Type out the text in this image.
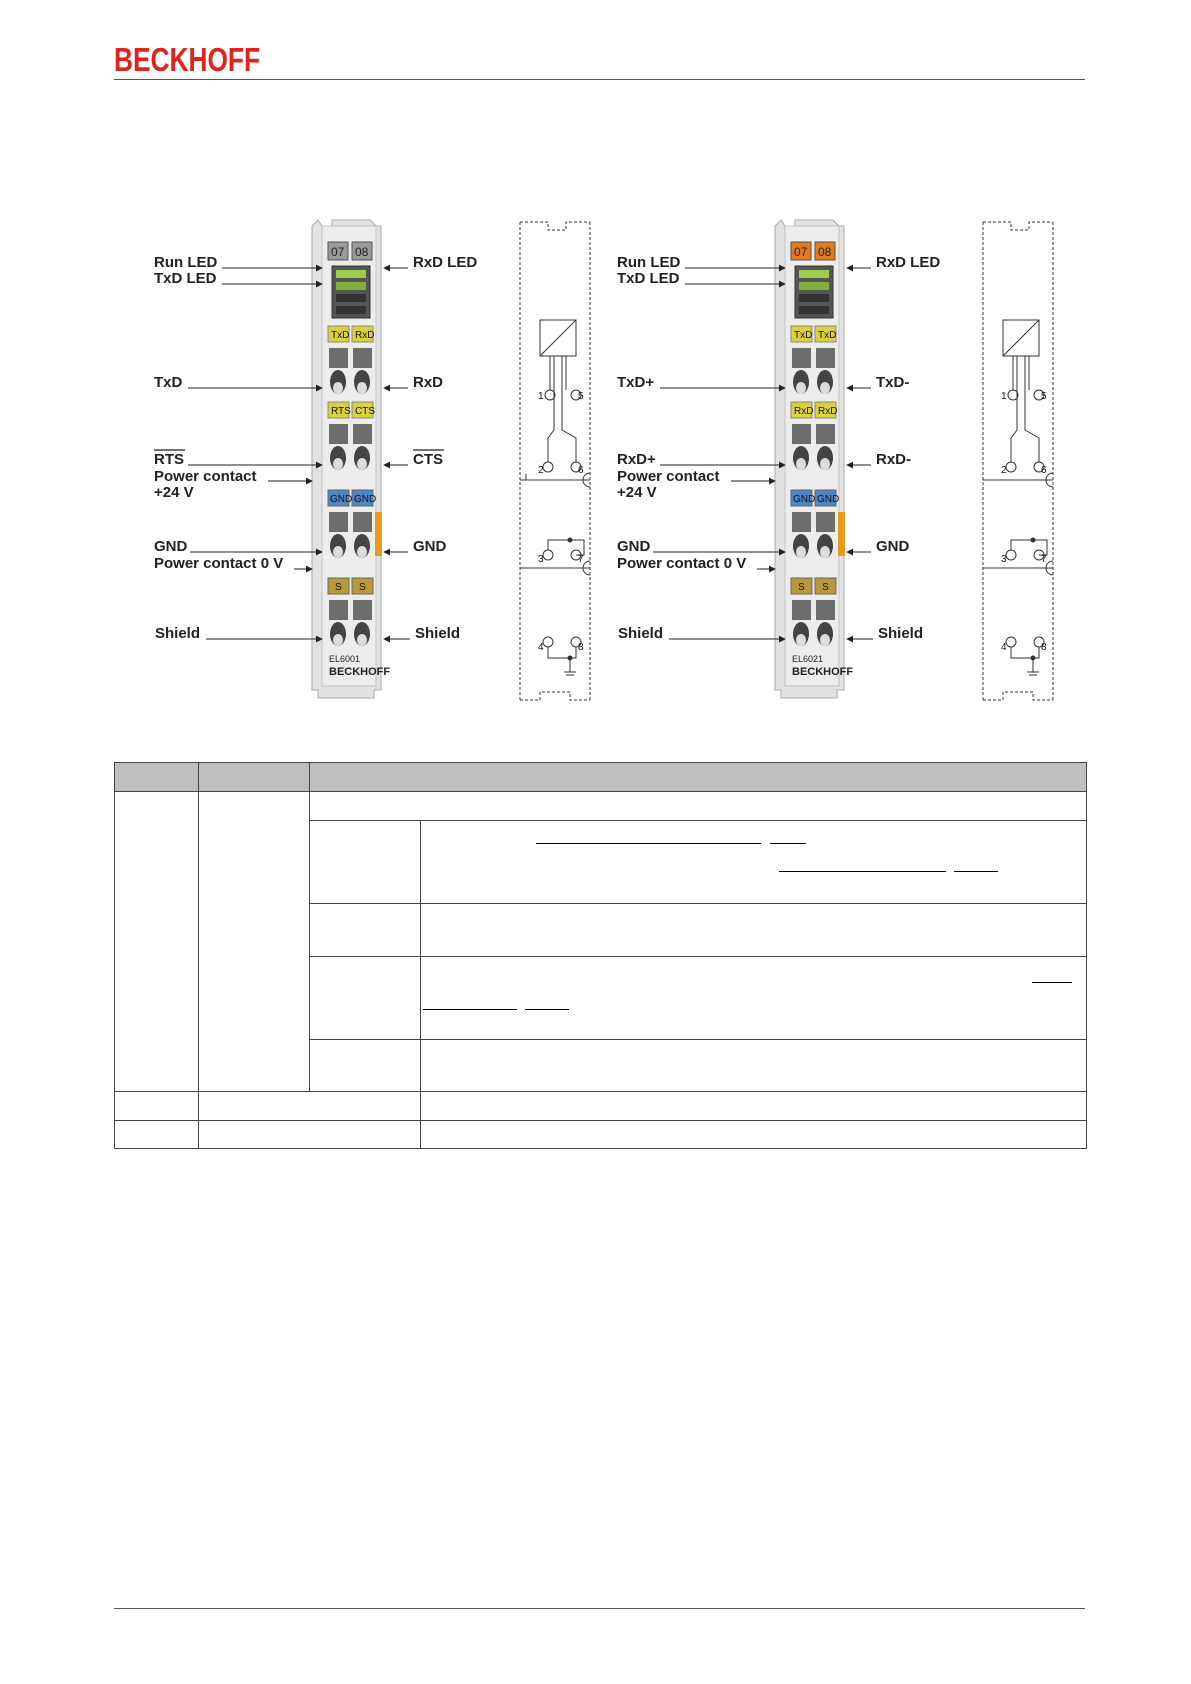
BECKHOFF
07 08
TxD RxD
RTS CTS
GND GND
S S
EL6001
BECKHOFF
Run LED
TxD LED
TxD
RTS
Power contact
+24 V
GND
Power contact 0 V
Shield
RxD LED
RxD
CTS
GND
Shield
1	5
2	6
3	7
4	8
07 08
TxD TxD
RxD RxD
GND GND
S S
EL6021
BECKHOFF
Run LED
TxD LED
TxD+
RxD+
Power contact
+24 V
GND
Power contact 0 V
Shield
RxD LED
TxD-
RxD-
GND
Shield
1	5
2	6
3	7
4	8
